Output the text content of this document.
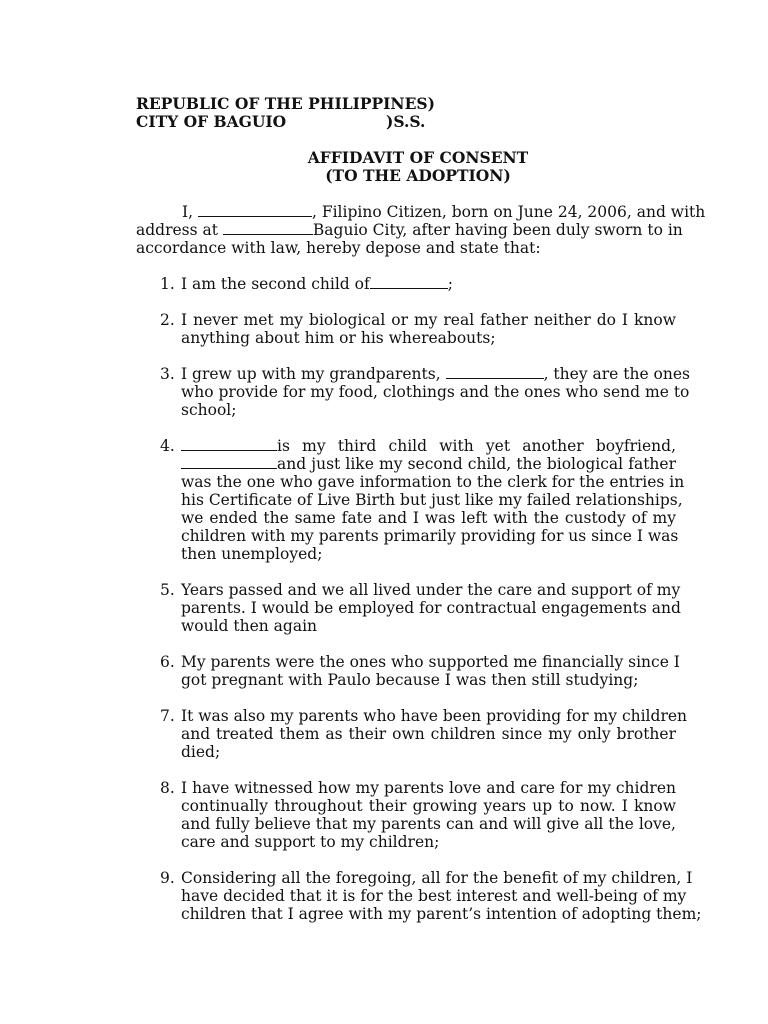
REPUBLIC OF THE PHILIPPINES)
CITY OF BAGUIO	)S.S.
AFFIDAVIT OF CONSENT
(TO THE ADOPTION)
I,	, Filipino Citizen, born on June 24, 2006, and with
address at	Baguio City, after having been duly sworn to in
accordance with law, hereby depose and state that:
1. I am the second child of	;
2. I never met my biological or my real father neither do I know
anything about him or his whereabouts;
3. I grew up with my grandparents,	, they are the ones
who provide for my food, clothings and the ones who send me to
school;
4.	is my third child with yet another boyfriend,
and just like my second child, the biological father
was the one who gave information to the clerk for the entries in
his Certificate of Live Birth but just like my failed relationships,
we ended the same fate and I was left with the custody of my
children with my parents primarily providing for us since I was
then unemployed;
5. Years passed and we all lived under the care and support of my
parents. I would be employed for contractual engagements and
would then again
6. My parents were the ones who supported me financially since I
got pregnant with Paulo because I was then still studying;
7. It was also my parents who have been providing for my children
and treated them as their own children since my only brother
died;
8. I have witnessed how my parents love and care for my chidren
continually throughout their growing years up to now. I know
and fully believe that my parents can and will give all the love,
care and support to my children;
9. Considering all the foregoing, all for the benefit of my children, I
have decided that it is for the best interest and well-being of my
children that I agree with my parent’s intention of adopting them;
